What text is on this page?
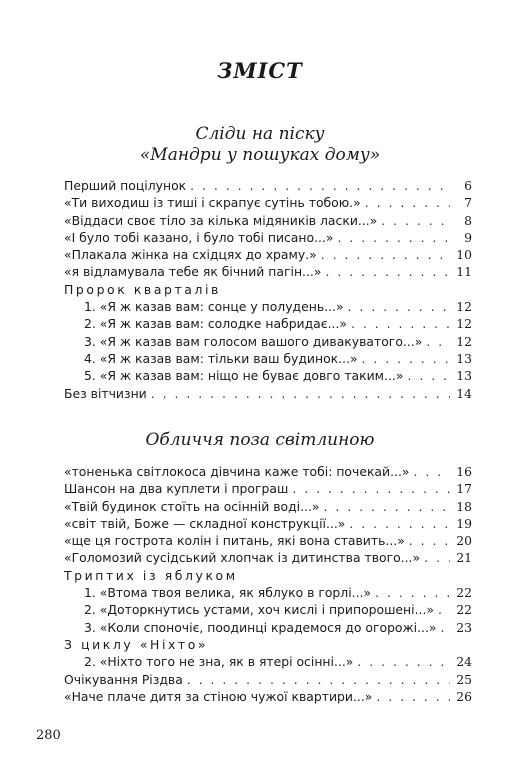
ЗМІСТ
Сліди на піску
«Мандри у пошуках дому»
Перший поцілунок . . .	6
«Ти виходиш із тиші і скрапує сутінь тобою.» . . .	7
«Віддаси своє тіло за кілька мідяників ласки...» . . .	8
«І було тобі казано, і було тобі писано...» . . .	9
«Плакала жінка на східцях до храму.» . . .	10
«я відламувала тебе як бічний пагін...» . . .	11
Пророк кварталів
1. «Я ж казав вам: сонце у полудень...» . . .	12
2. «Я ж казав вам: солодке набридає...» . . .	12
3. «Я ж казав вам голосом вашого дивакуватого...» . . .	12
4. «Я ж казав вам: тільки ваш будинок...» . . .	13
5. «Я ж казав вам: ніщо не буває довго таким...» . . .	13
Без вітчизни . . .	14
Обличчя поза світлиною
«тоненька світлокоса дівчина каже тобі: почекай...» . . .	16
Шансон на два куплети і програш . . .	17
«Твій будинок стоїть на осінній воді...» . . .	18
«світ твій, Боже — складної конструкції...» . . .	19
«ще ця гострота колін і питань, які вона ставить...» . . .	20
«Голомозий сусідський хлопчак із дитинства твого...» . . .	21
Триптих із яблуком
1. «Втома твоя велика, як яблуко в горлі...» . . .	22
2. «Доторкнутись устами, хоч кислі і припорошені...» . . . 22
3. «Коли споночіє, поодинці крадемося до огорожі...» . . . 23
З циклу «Ніхто»
2. «Ніхто того не зна, як в ятері осінні...» . . .	24
Очікування Різдва . . .	25
«Наче плаче дитя за стіною чужої квартири...» . . .	26
280
